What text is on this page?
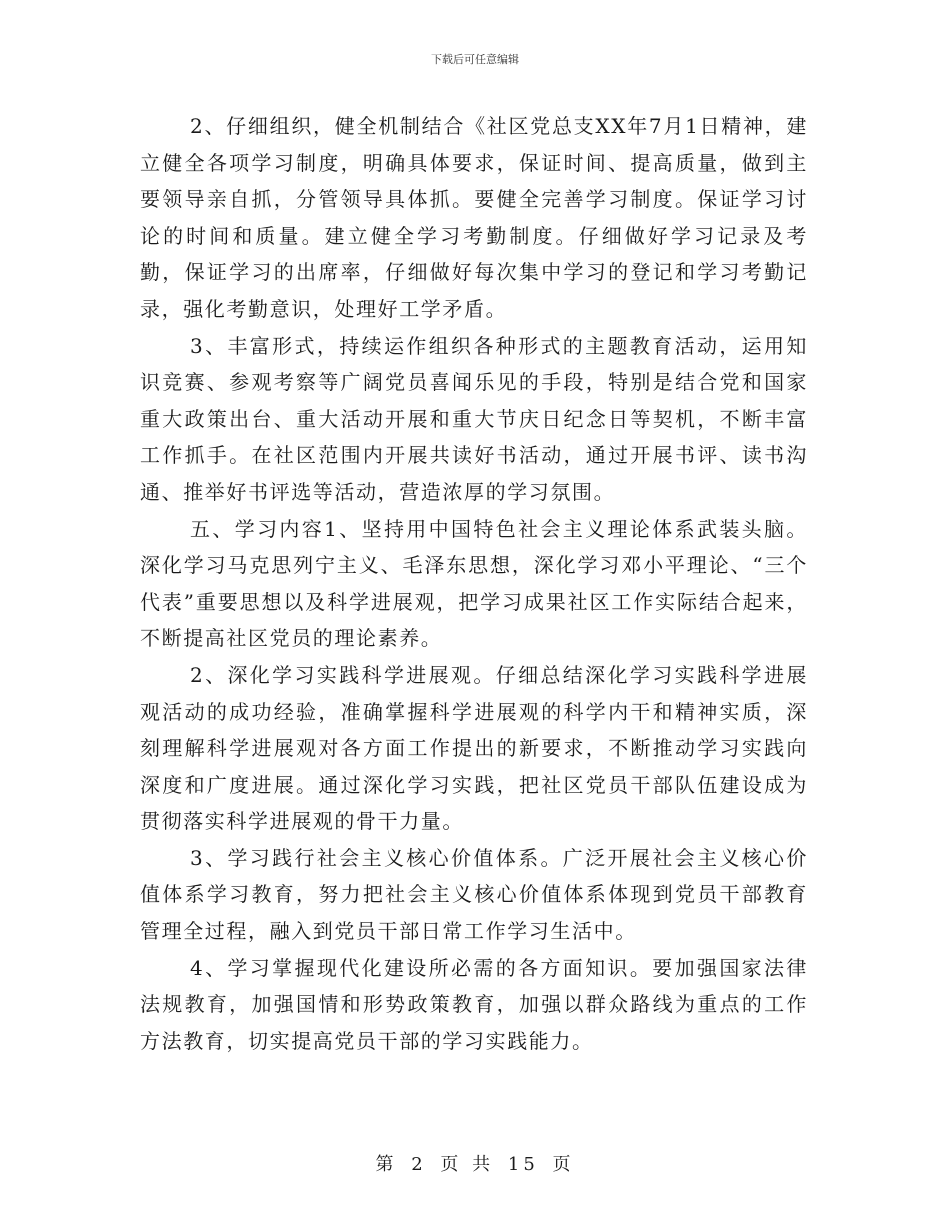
下载后可任意编辑

2、仔细组织，健全机制结合《社区党总支XX年7月1日精神，建立健全各项学习制度，明确具体要求，保证时间、提高质量，做到主要领导亲自抓，分管领导具体抓。要健全完善学习制度。保证学习讨论的时间和质量。建立健全学习考勤制度。仔细做好学习记录及考勤，保证学习的出席率，仔细做好每次集中学习的登记和学习考勤记录，强化考勤意识，处理好工学矛盾。

3、丰富形式，持续运作组织各种形式的主题教育活动，运用知识竞赛、参观考察等广阔党员喜闻乐见的手段，特别是结合党和国家重大政策出台、重大活动开展和重大节庆日纪念日等契机，不断丰富工作抓手。在社区范围内开展共读好书活动，通过开展书评、读书沟通、推举好书评选等活动，营造浓厚的学习氛围。

五、学习内容1、坚持用中国特色社会主义理论体系武装头脑。深化学习马克思列宁主义、毛泽东思想，深化学习邓小平理论、“三个代表”重要思想以及科学进展观，把学习成果社区工作实际结合起来，不断提高社区党员的理论素养。

2、深化学习实践科学进展观。仔细总结深化学习实践科学进展观活动的成功经验，准确掌握科学进展观的科学内干和精神实质，深刻理解科学进展观对各方面工作提出的新要求，不断推动学习实践向深度和广度进展。通过深化学习实践，把社区党员干部队伍建设成为贯彻落实科学进展观的骨干力量。

3、学习践行社会主义核心价值体系。广泛开展社会主义核心价值体系学习教育，努力把社会主义核心价值体系体现到党员干部教育管理全过程，融入到党员干部日常工作学习生活中。

4、学习掌握现代化建设所必需的各方面知识。要加强国家法律法规教育，加强国情和形势政策教育，加强以群众路线为重点的工作方法教育，切实提高党员干部的学习实践能力。

第 2 页 共 15 页
